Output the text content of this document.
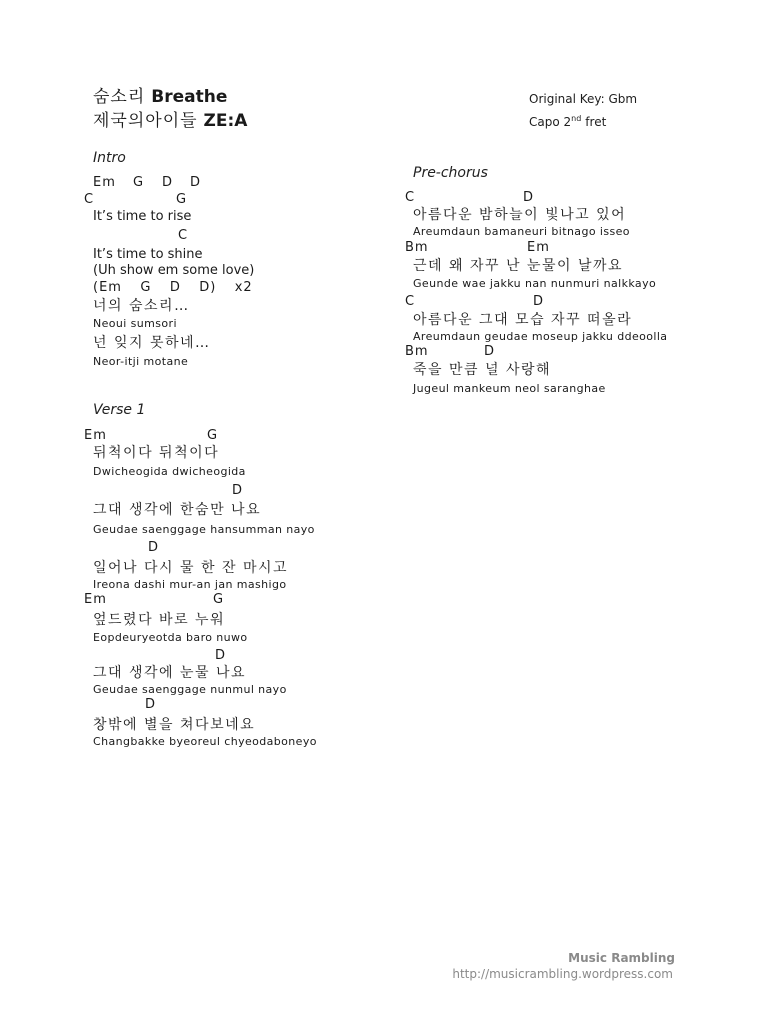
숨소리 Breathe
제국의아이들 ZE:A
Original Key: Gbm
Capo 2nd fret
Intro
Em G D D
C	G
It’s time to rise
C
It’s time to shine
(Uh show em some love)
(Em   G   D   D)   x2
너의 숨소리…
Neoui sumsori
넌 잊지 못하네…
Neor-itji motane
Verse 1
Em	G
뒤척이다 뒤척이다
Dwicheogida dwicheogida
D
그대 생각에 한숨만 나요
Geudae saenggage hansumman nayo
D
일어나 다시 물 한 잔 마시고
Ireona dashi mur-an jan mashigo
Em	G
엎드렸다 바로 누워
Eopdeuryeotda baro nuwo
D
그대 생각에 눈물 나요
Geudae saenggage nunmul nayo
D
창밖에 별을 쳐다보네요
Changbakke byeoreul chyeodaboneyo
Pre-chorus
C	D
아름다운 밤하늘이 빛나고 있어
Areumdaun bamaneuri bitnago isseo
Bm	Em
근데 왜 자꾸 난 눈물이 날까요
Geunde wae jakku nan nunmuri nalkkayo
C	D
아름다운 그대 모습 자꾸 떠올라
Areumdaun geudae moseup jakku ddeoolla
Bm	D
죽을 만큼 널 사랑해
Jugeul mankeum neol saranghae
Music Rambling
http://musicrambling.wordpress.com
